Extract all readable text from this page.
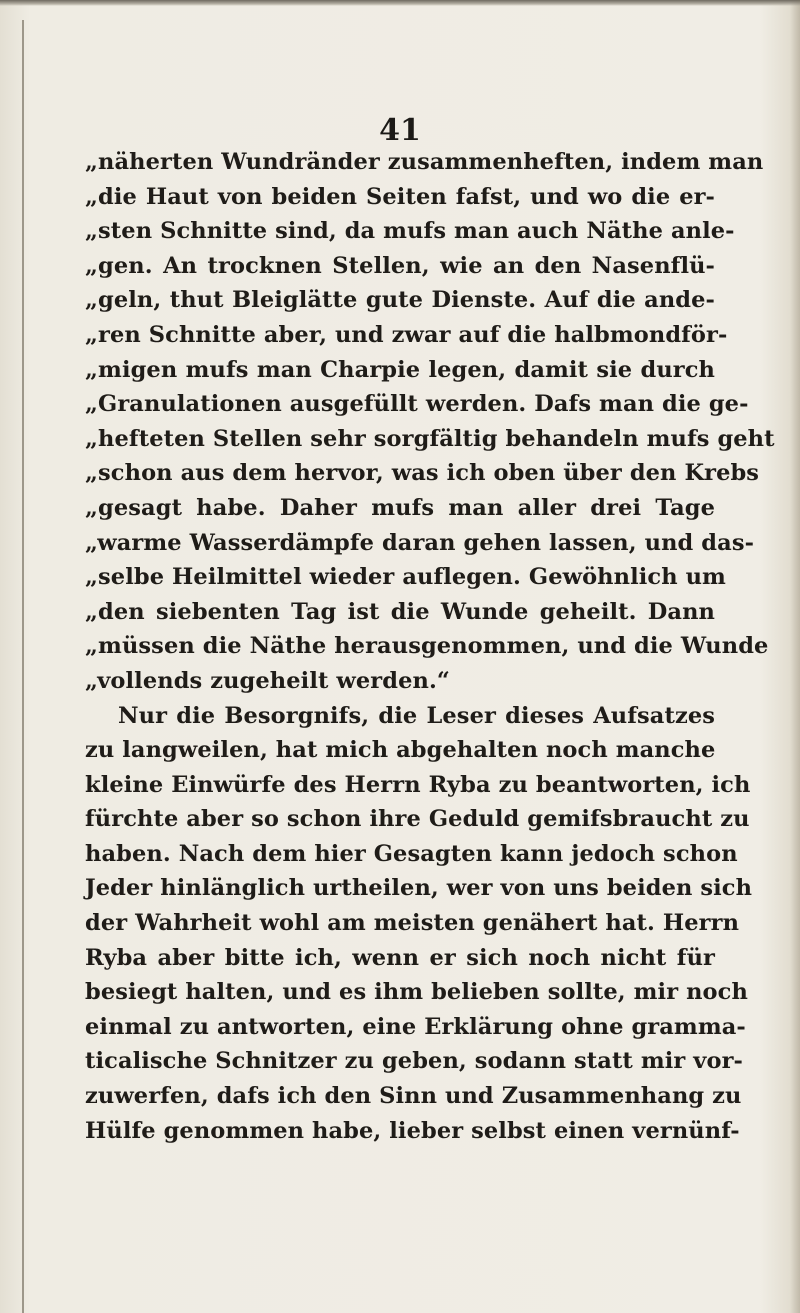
41
„näherten Wundränder zusammenheften, indem man
„die Haut von beiden Seiten fafst, und wo die er-
„sten Schnitte sind, da mufs man auch Näthe anle-
„gen. An trocknen Stellen, wie an den Nasenflü-
„geln, thut Bleiglätte gute Dienste. Auf die ande-
„ren Schnitte aber, und zwar auf die halbmondför-
„migen mufs man Charpie legen, damit sie durch
„Granulationen ausgefüllt werden. Dafs man die ge-
„hefteten Stellen sehr sorgfältig behandeln mufs geht
„schon aus dem hervor, was ich oben über den Krebs
„gesagt habe. Daher mufs man aller drei Tage
„warme Wasserdämpfe daran gehen lassen, und das-
„selbe Heilmittel wieder auflegen. Gewöhnlich um
„den siebenten Tag ist die Wunde geheilt. Dann
„müssen die Näthe herausgenommen, und die Wunde
„vollends zugeheilt werden.“
Nur die Besorgnifs, die Leser dieses Aufsatzes
zu langweilen, hat mich abgehalten noch manche
kleine Einwürfe des Herrn Ryba zu beantworten, ich
fürchte aber so schon ihre Geduld gemifsbraucht zu
haben. Nach dem hier Gesagten kann jedoch schon
Jeder hinlänglich urtheilen, wer von uns beiden sich
der Wahrheit wohl am meisten genähert hat. Herrn
Ryba aber bitte ich, wenn er sich noch nicht für
besiegt halten, und es ihm belieben sollte, mir noch
einmal zu antworten, eine Erklärung ohne gramma-
ticalische Schnitzer zu geben, sodann statt mir vor-
zuwerfen, dafs ich den Sinn und Zusammenhang zu
Hülfe genommen habe, lieber selbst einen vernünf-
